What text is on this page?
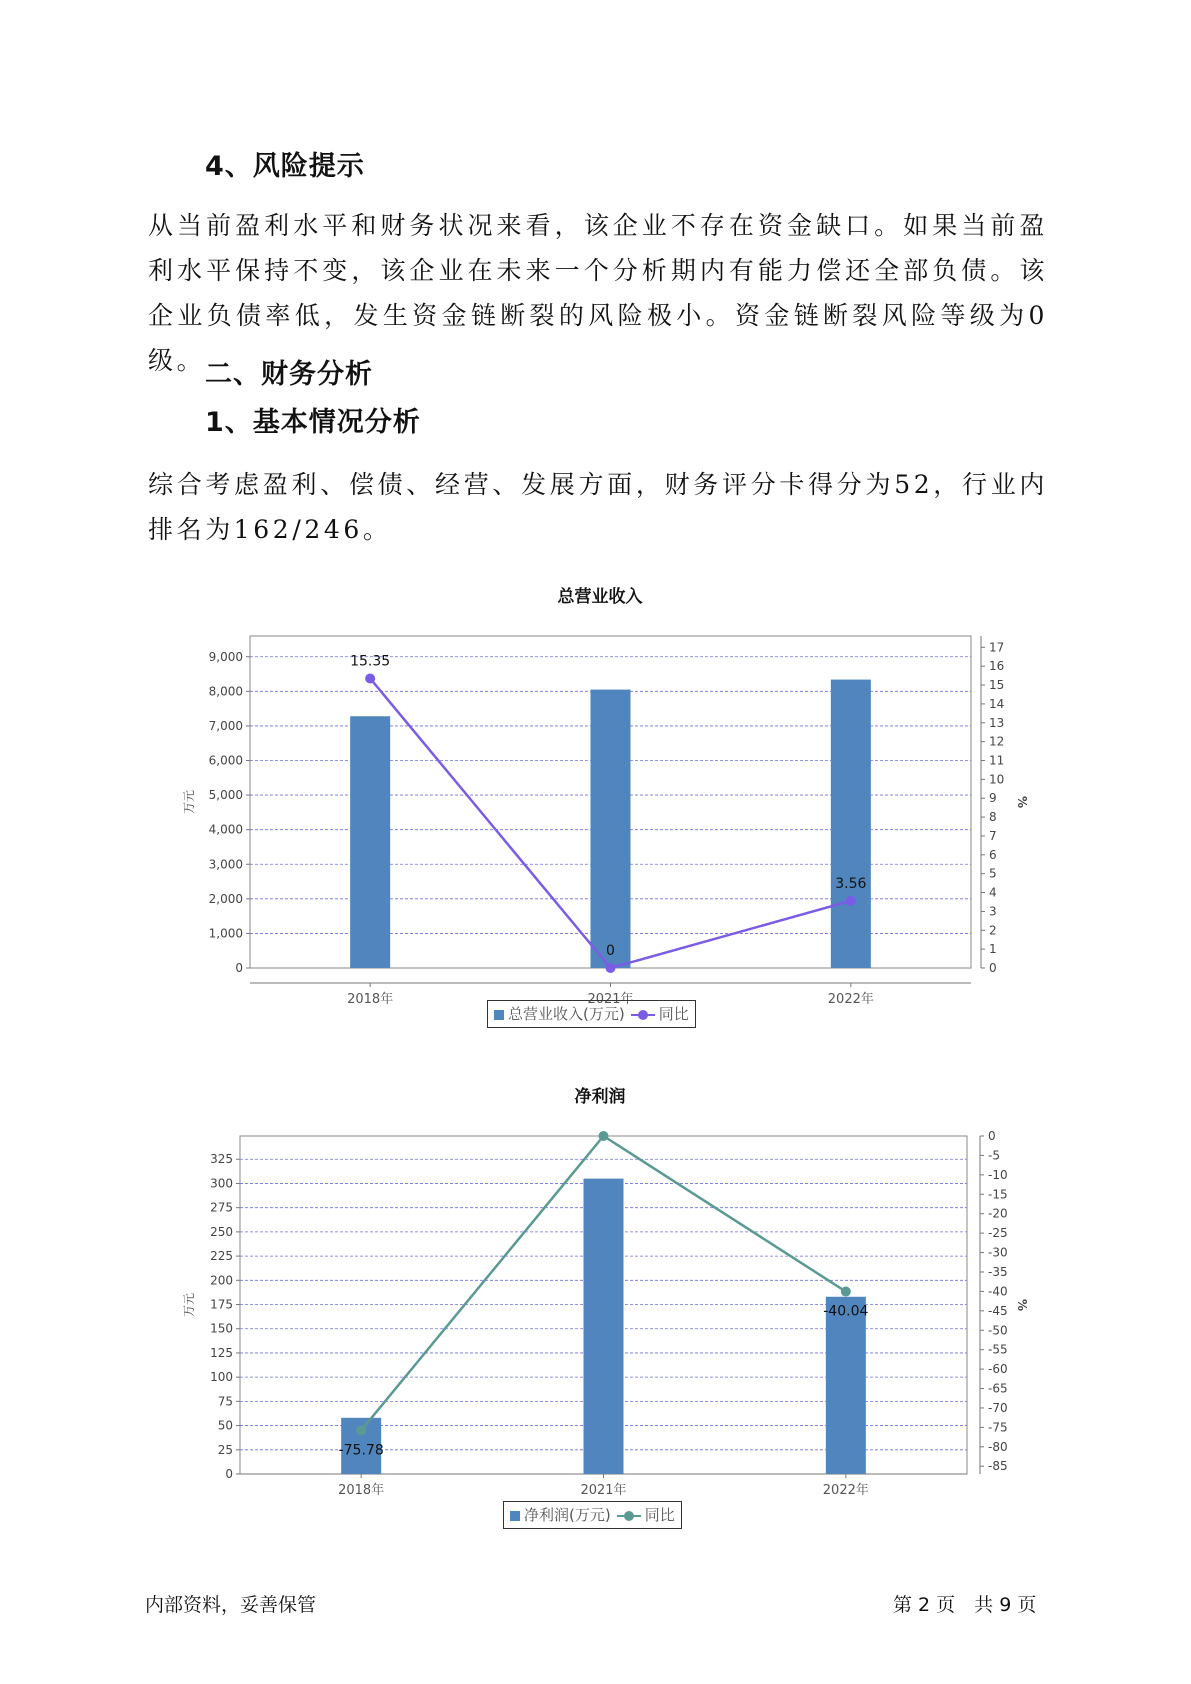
4、风险提示
从当前盈利水平和财务状况来看，该企业不存在资金缺口。如果当前盈利水平保持不变，该企业在未来一个分析期内有能力偿还全部负债。该企业负债率低，发生资金链断裂的风险极小。资金链断裂风险等级为0级。 二、财务分析
1、基本情况分析
综合考虑盈利、偿债、经营、发展方面，财务评分卡得分为52，行业内排名为162/246。
总营业收入
0
1,000
2,000
3,000
4,000
5,000
6,000
7,000
8,000
9,000
0
1
2
3
4
5
6
7
8
9
10
11
12
13
14
15
16
17
2018年	2021年	2022年
万元	%
15.35
0
3.56
0
25
50
75
100
125
150
175
200
225
250
275
300
325
0
-5
-10
-15
-20
-25
-30
-35
-40
-45
-50
-55
-60
-65
-70
-75
-80
-85
2018年	2021年	2022年
万元	%
-75.78
-40.04
总营业收入(万元) 同比
净利润
净利润(万元) 同比
内部资料，妥善保管	第 2 页　共 9 页
